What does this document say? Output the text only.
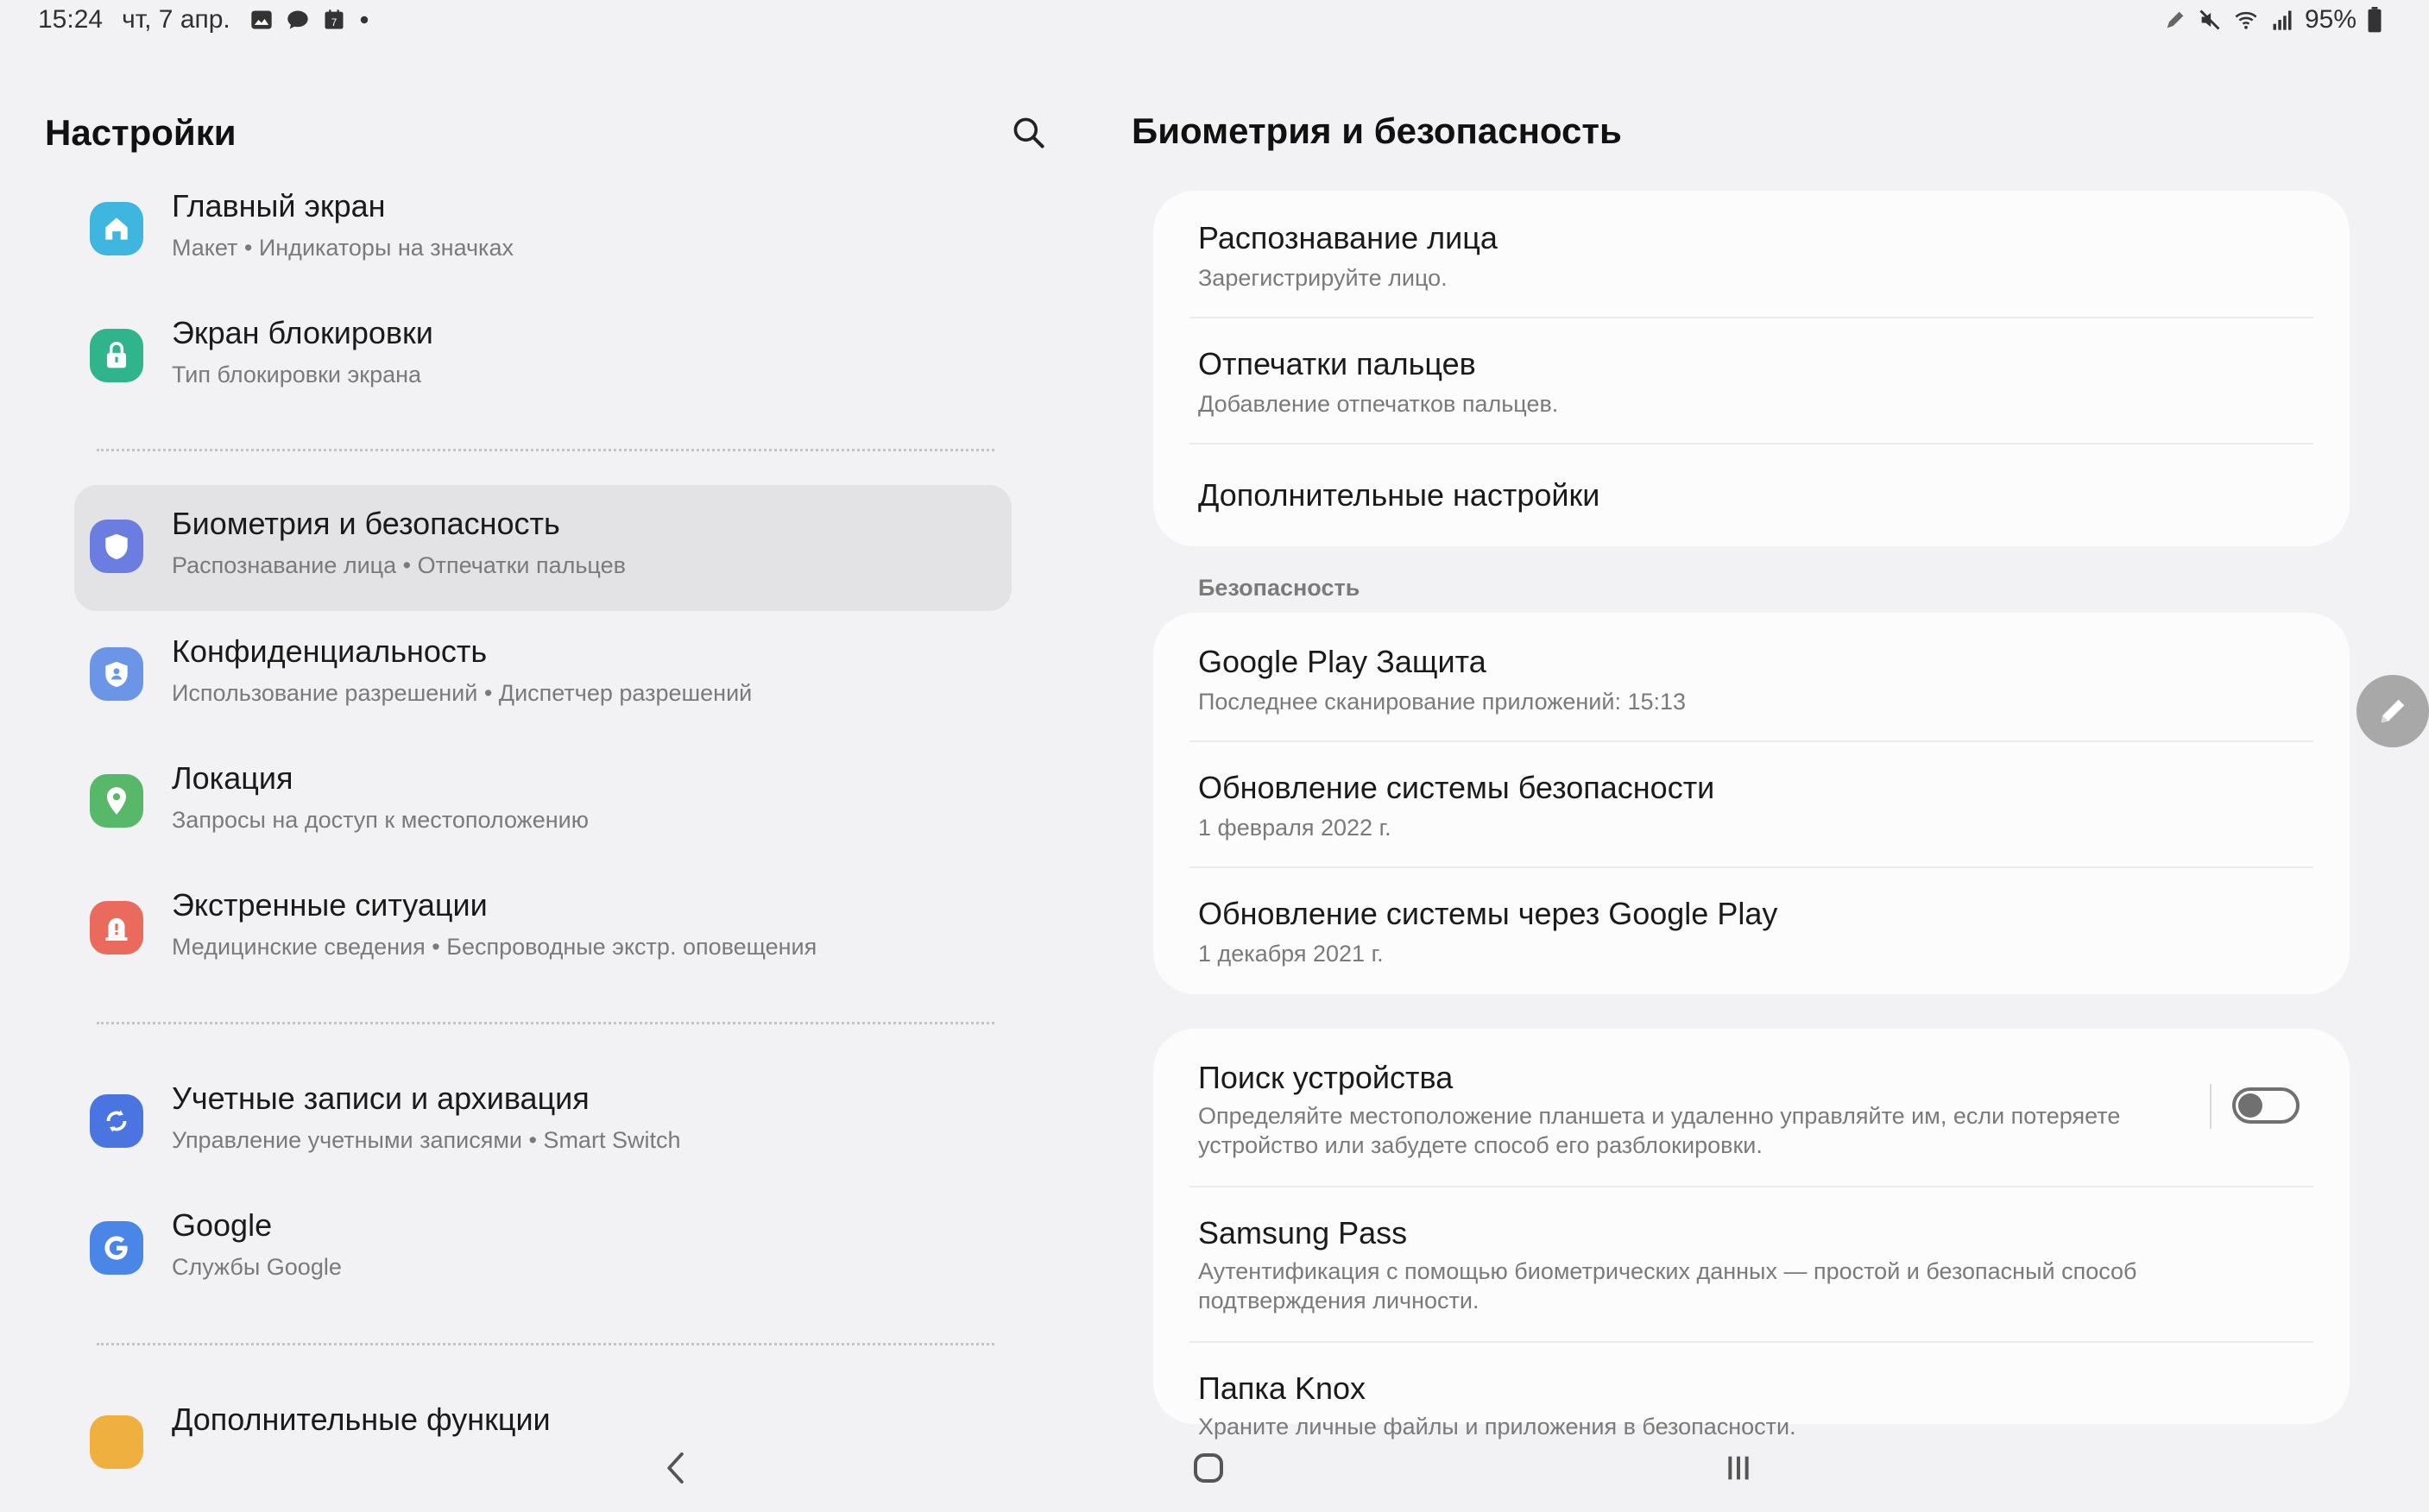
15:24 чт, 7 апр.	7	95%
Настройки
Главный экран
Макет • Индикаторы на значках
Экран блокировки
Тип блокировки экрана
Биометрия и безопасность
Распознавание лица • Отпечатки пальцев
Конфиденциальность
Использование разрешений • Диспетчер разрешений
Локация
Запросы на доступ к местоположению
Экстренные ситуации
Медицинские сведения • Беспроводные экстр. оповещения
Учетные записи и архивация
Управление учетными записями • Smart Switch
Google
Службы Google
Дополнительные функции
Биометрия и безопасность
Распознавание лица
Зарегистрируйте лицо.
Отпечатки пальцев
Добавление отпечатков пальцев.
Дополнительные настройки
Безопасность
Google Play Защита
Последнее сканирование приложений: 15:13
Обновление системы безопасности
1 февраля 2022 г.
Обновление системы через Google Play
1 декабря 2021 г.
Поиск устройства
Определяйте местоположение планшета и удаленно управляйте им, если потеряете устройство или забудете способ его разблокировки.
Samsung Pass
Аутентификация с помощью биометрических данных — простой и безопасный способ подтверждения личности.
Папка Knox
Храните личные файлы и приложения в безопасности.
